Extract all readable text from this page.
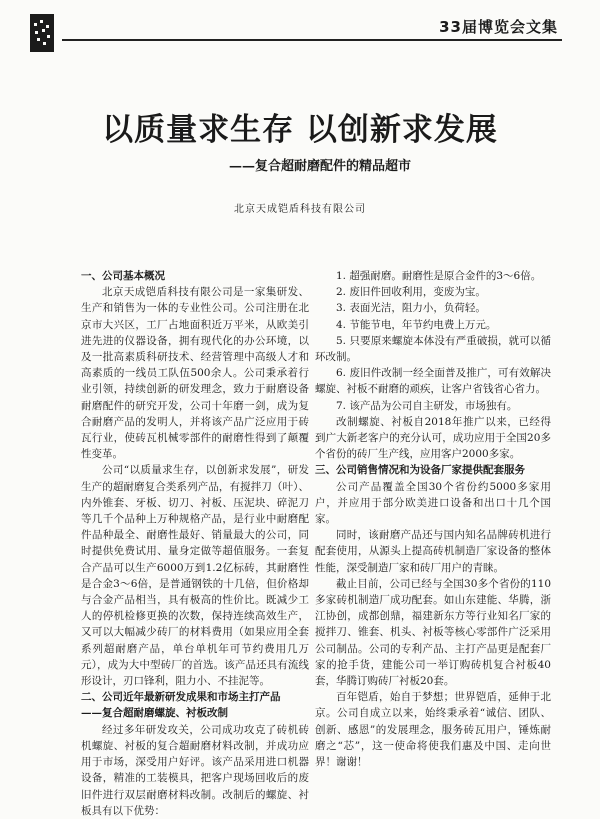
33届博览会文集
以质量求生存 以创新求发展
——复合超耐磨配件的精品超市
北京天成铠盾科技有限公司
一、公司基本概况

北京天成铠盾科技有限公司是一家集研发、生产和销售为一体的专业性公司。公司注册在北京市大兴区，工厂占地面积近万平米，从欧美引进先进的仪器设备，拥有现代化的办公环境，以及一批高素质科研技术、经营管理中高级人才和高素质的一线员工队伍500余人。公司秉承着行业引领，持续创新的研发理念，致力于耐磨设备耐磨配件的研究开发，公司十年磨一剑，成为复合耐磨产品的发明人，并将该产品广泛应用于砖瓦行业，使砖瓦机械零部件的耐磨性得到了颠覆性变革。

公司“以质量求生存，以创新求发展”，研发生产的超耐磨复合类系列产品，有搅拌刀（叶）、内外锥套、牙板、切刀、衬板、压泥块、碎泥刀等几千个品种上万种规格产品，是行业中耐磨配件品种最全、耐磨性最好、销量最大的公司，同时提供免费试用、量身定做等超值服务。一套复合产品可以生产6000万到1.2亿标砖，其耐磨性是合金3～6倍，是普通钢铁的十几倍，但价格却与合金产品相当，具有极高的性价比。既减少工人的停机检修更换的次数，保持连续高效生产，又可以大幅减少砖厂的材料费用（如果应用全套系列超耐磨产品，单台单机年可节约费用几万元），成为大中型砖厂的首选。该产品还具有流线形设计，刃口锋利，阻力小、不挂泥等。

二、公司近年最新研发成果和市场主打产品
——复合超耐磨螺旋、衬板改制

经过多年研发攻关，公司成功攻克了砖机砖机螺旋、衬板的复合超耐磨材料改制，并成功应用于市场，深受用户好评。该产品采用进口机器设备，精准的工装模具，把客户现场回收后的废旧件进行双层耐磨材料改制。改制后的螺旋、衬板具有以下优势：

1. 超强耐磨。耐磨性是原合金件的3～6倍。

2. 废旧件回收利用，变废为宝。

3. 表面光洁，阻力小，负荷轻。

4. 节能节电，年节约电费上万元。

5. 只要原来螺旋本体没有严重破损，就可以循环改制。

6. 废旧件改制一经全面普及推广，可有效解决螺旋、衬板不耐磨的顽疾，让客户省钱省心省力。

7. 该产品为公司自主研发，市场独有。

改制螺旋、衬板自2018年推广以来，已经得到广大新老客户的充分认可，成功应用于全国20多个省份的砖厂生产线，应用客户2000多家。

三、公司销售情况和为设备厂家提供配套服务

公司产品覆盖全国30个省份约5000多家用户，并应用于部分欧美进口设备和出口十几个国家。

同时，该耐磨产品还与国内知名品牌砖机进行配套使用，从源头上提高砖机制造厂家设备的整体性能，深受制造厂家和砖厂用户的青睐。

截止目前，公司已经与全国30多个省份的110多家砖机制造厂成功配套。如山东建能、华腾，浙江协创，成都创鼎，福建新东方等行业知名厂家的搅拌刀、锥套、机头、衬板等核心零部件广泛采用公司制品。公司的专利产品、主打产品更是配套厂家的抢手货，建能公司一举订购砖机复合衬板40套，华腾订购砖厂衬板20套。

百年铠盾，始自于梦想；世界铠盾，延伸于北京。公司自成立以来，始终秉承着“诚信、团队、创新、感恩”的发展理念，服务砖瓦用户，锤炼耐磨之“芯”，这一使命将使我们惠及中国、走向世界！谢谢！
